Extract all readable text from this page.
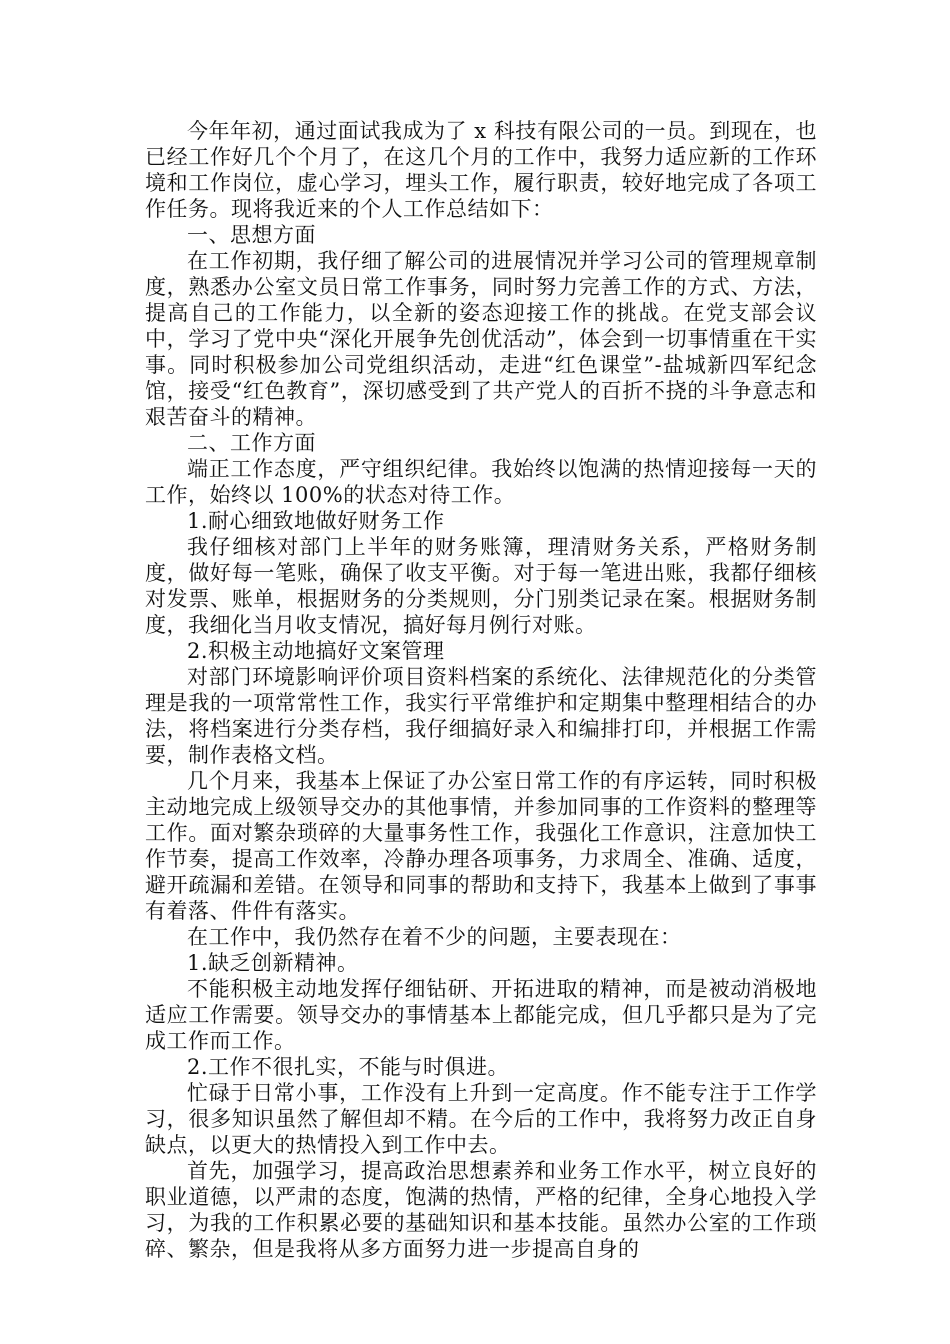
今年年初，通过面试我成为了 x 科技有限公司的一员。到现在，也已经工作好几个个月了，在这几个月的工作中，我努力适应新的工作环境和工作岗位，虚心学习，埋头工作，履行职责，较好地完成了各项工作任务。现将我近来的个人工作总结如下：

一、思想方面

在工作初期，我仔细了解公司的进展情况并学习公司的管理规章制度，熟悉办公室文员日常工作事务，同时努力完善工作的方式、方法，提高自己的工作能力，以全新的姿态迎接工作的挑战。在党支部会议中，学习了党中央“深化开展争先创优活动”，体会到一切事情重在干实事。同时积极参加公司党组织活动，走进“红色课堂”-盐城新四军纪念馆，接受“红色教育”，深切感受到了共产党人的百折不挠的斗争意志和艰苦奋斗的精神。

二、工作方面

端正工作态度，严守组织纪律。我始终以饱满的热情迎接每一天的工作，始终以 100%的状态对待工作。

1.耐心细致地做好财务工作

我仔细核对部门上半年的财务账簿，理清财务关系，严格财务制度，做好每一笔账，确保了收支平衡。对于每一笔进出账，我都仔细核对发票、账单，根据财务的分类规则，分门别类记录在案。根据财务制度，我细化当月收支情况，搞好每月例行对账。

2.积极主动地搞好文案管理

对部门环境影响评价项目资料档案的系统化、法律规范化的分类管理是我的一项常常性工作，我实行平常维护和定期集中整理相结合的办法，将档案进行分类存档，我仔细搞好录入和编排打印，并根据工作需要，制作表格文档。

几个月来，我基本上保证了办公室日常工作的有序运转，同时积极主动地完成上级领导交办的其他事情，并参加同事的工作资料的整理等工作。面对繁杂琐碎的大量事务性工作，我强化工作意识，注意加快工作节奏，提高工作效率，冷静办理各项事务，力求周全、准确、适度，避开疏漏和差错。在领导和同事的帮助和支持下，我基本上做到了事事有着落、件件有落实。

在工作中，我仍然存在着不少的问题，主要表现在：

1.缺乏创新精神。

不能积极主动地发挥仔细钻研、开拓进取的精神，而是被动消极地适应工作需要。领导交办的事情基本上都能完成，但几乎都只是为了完成工作而工作。

2.工作不很扎实，不能与时俱进。

忙碌于日常小事，工作没有上升到一定高度。作不能专注于工作学习，很多知识虽然了解但却不精。在今后的工作中，我将努力改正自身缺点，以更大的热情投入到工作中去。

首先，加强学习，提高政治思想素养和业务工作水平，树立良好的职业道德，以严肃的态度，饱满的热情，严格的纪律，全身心地投入学习，为我的工作积累必要的基础知识和基本技能。虽然办公室的工作琐碎、繁杂，但是我将从多方面努力进一步提高自身的
